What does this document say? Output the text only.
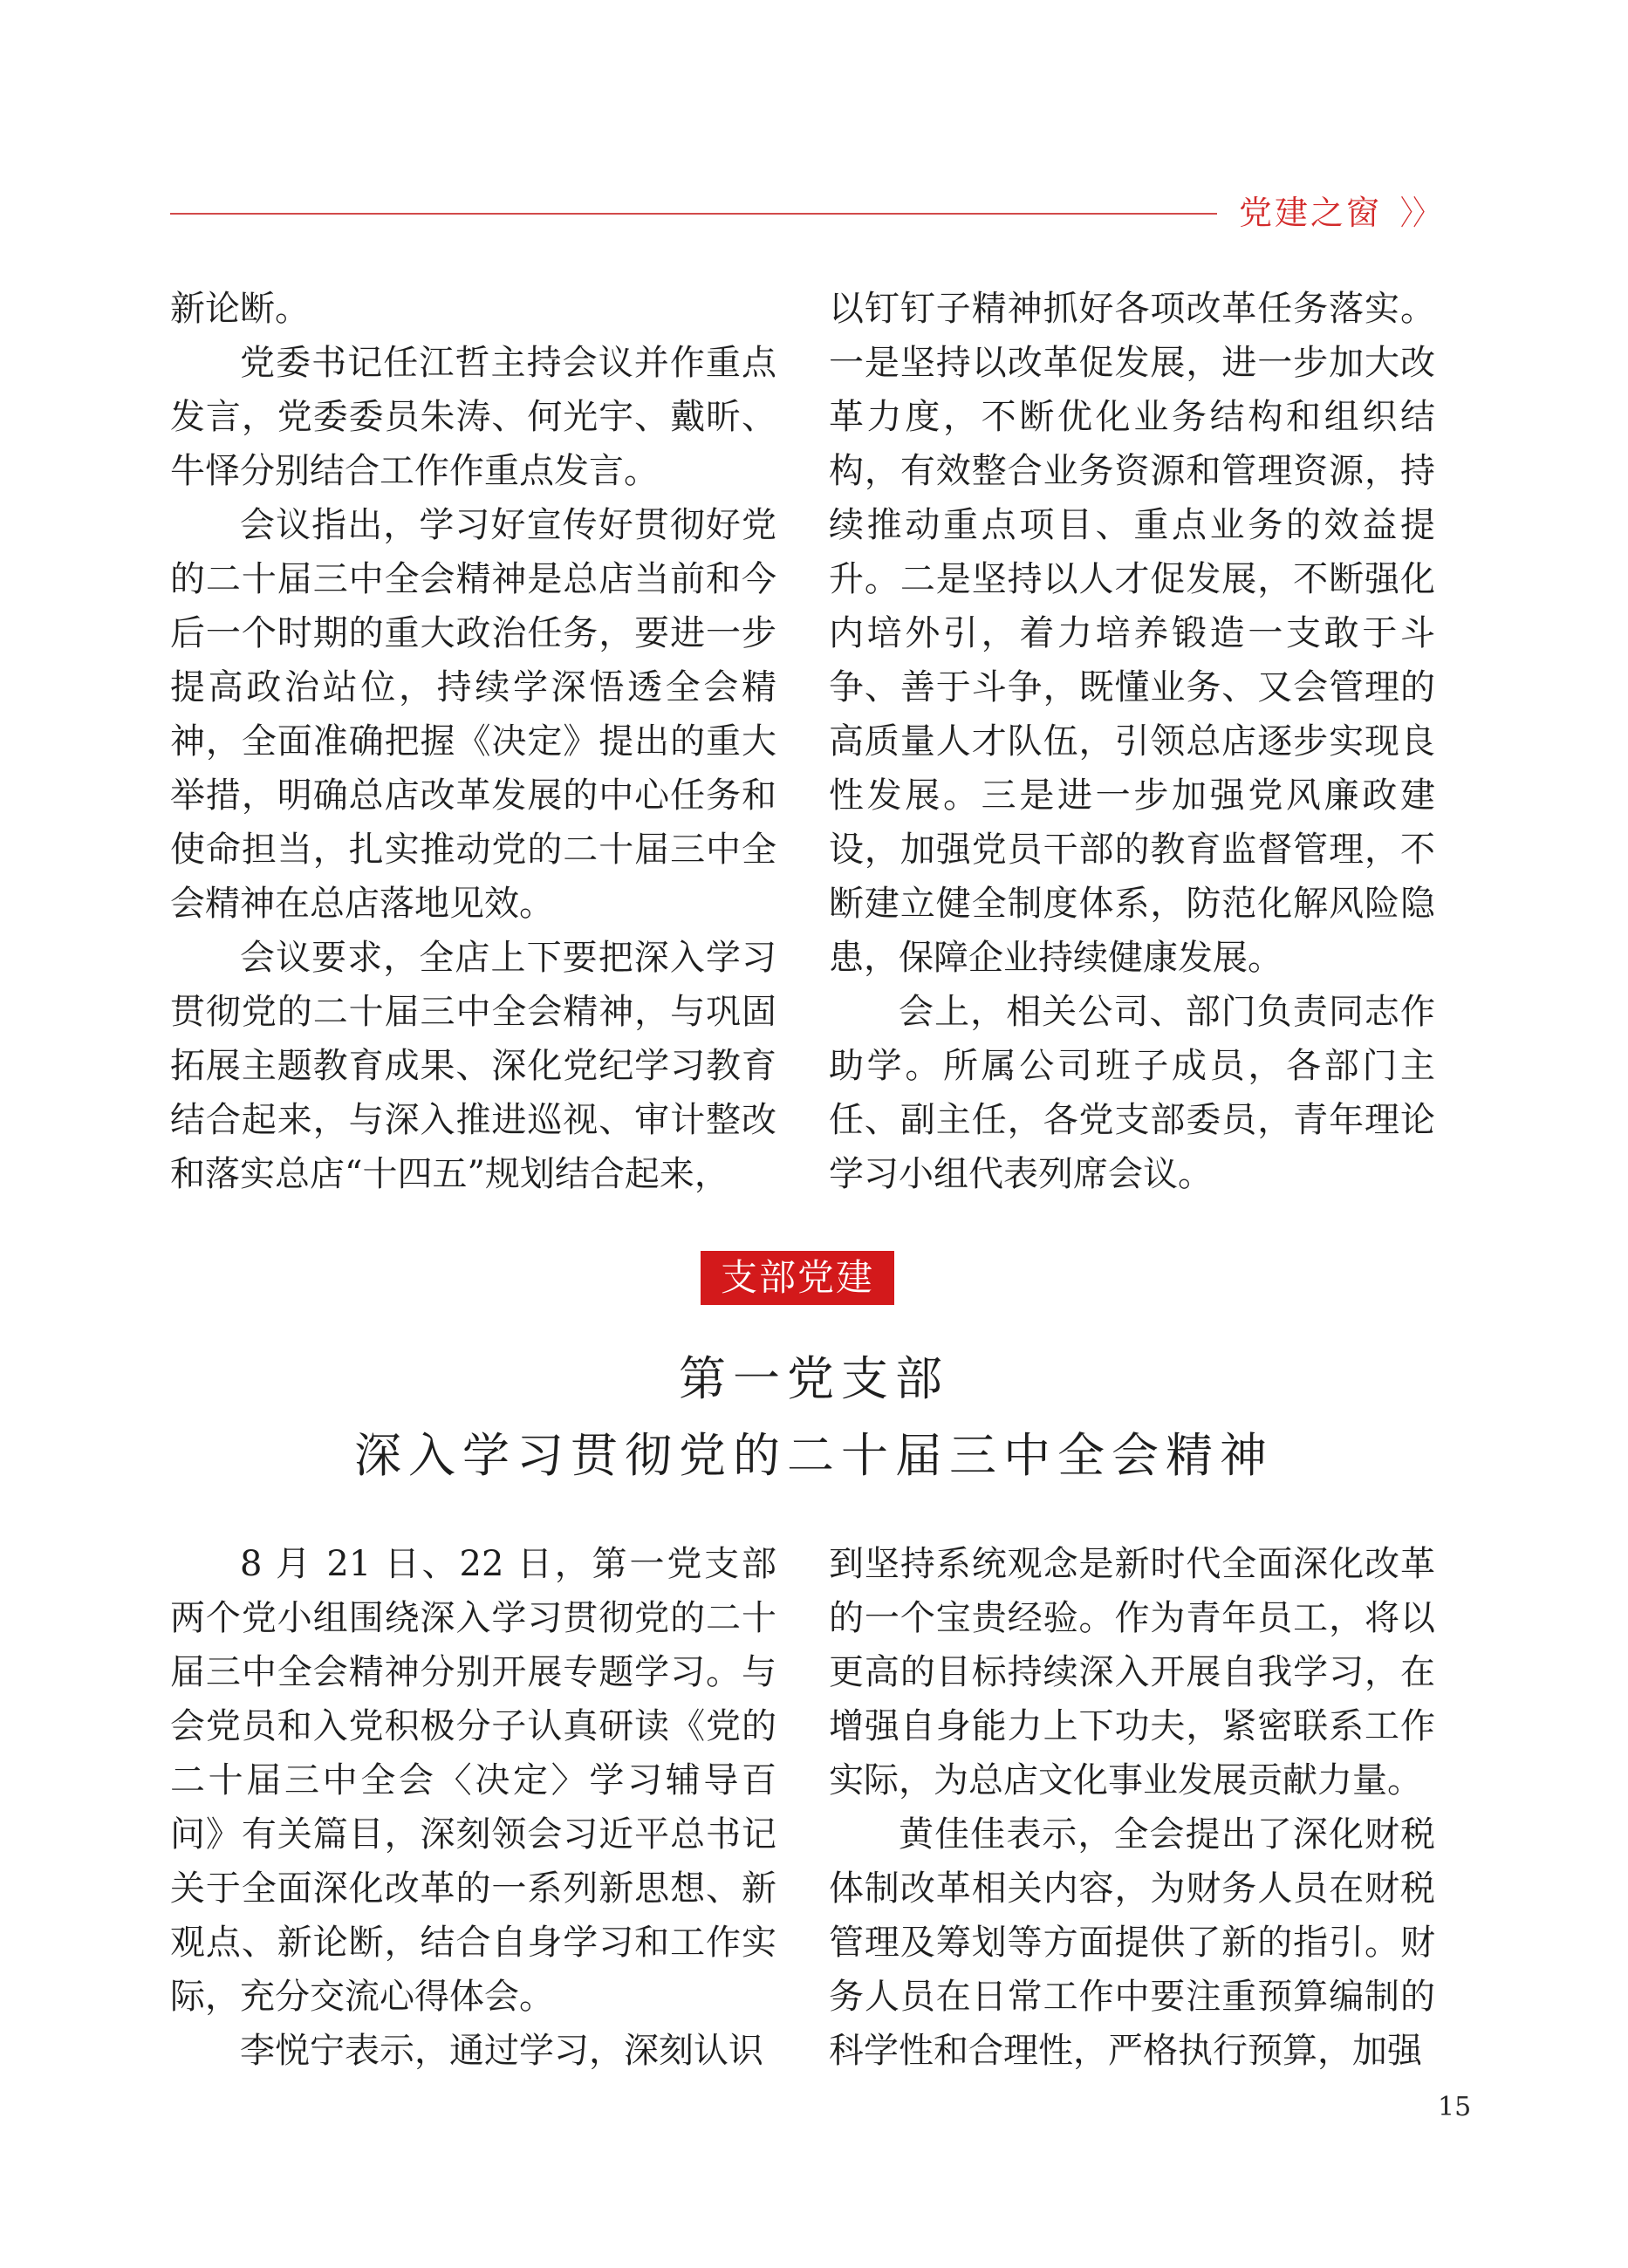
党建之窗 〉〉

新论断。

党委书记任江哲主持会议并作重点发言，党委委员朱涛、何光宇、戴昕、牛怿分别结合工作作重点发言。

会议指出，学习好宣传好贯彻好党的二十届三中全会精神是总店当前和今后一个时期的重大政治任务，要进一步提高政治站位，持续学深悟透全会精神，全面准确把握《决定》提出的重大举措，明确总店改革发展的中心任务和使命担当，扎实推动党的二十届三中全会精神在总店落地见效。

会议要求，全店上下要把深入学习贯彻党的二十届三中全会精神，与巩固拓展主题教育成果、深化党纪学习教育结合起来，与深入推进巡视、审计整改和落实总店“十四五”规划结合起来，

以钉钉子精神抓好各项改革任务落实。一是坚持以改革促发展，进一步加大改革力度，不断优化业务结构和组织结构，有效整合业务资源和管理资源，持续推动重点项目、重点业务的效益提升。二是坚持以人才促发展，不断强化内培外引，着力培养锻造一支敢于斗争、善于斗争，既懂业务、又会管理的高质量人才队伍，引领总店逐步实现良性发展。三是进一步加强党风廉政建设，加强党员干部的教育监督管理，不断建立健全制度体系，防范化解风险隐患，保障企业持续健康发展。

会上，相关公司、部门负责同志作助学。所属公司班子成员，各部门主任、副主任，各党支部委员，青年理论学习小组代表列席会议。

支部党建
第一党支部
深入学习贯彻党的二十届三中全会精神

8 月 21 日、22 日，第一党支部两个党小组围绕深入学习贯彻党的二十届三中全会精神分别开展专题学习。与会党员和入党积极分子认真研读《党的二十届三中全会〈决定〉学习辅导百问》有关篇目，深刻领会习近平总书记关于全面深化改革的一系列新思想、新观点、新论断，结合自身学习和工作实际，充分交流心得体会。

李悦宁表示，通过学习，深刻认识

到坚持系统观念是新时代全面深化改革的一个宝贵经验。作为青年员工，将以更高的目标持续深入开展自我学习，在增强自身能力上下功夫，紧密联系工作实际，为总店文化事业发展贡献力量。

黄佳佳表示，全会提出了深化财税体制改革相关内容，为财务人员在财税管理及筹划等方面提供了新的指引。财务人员在日常工作中要注重预算编制的科学性和合理性，严格执行预算，加强

15
